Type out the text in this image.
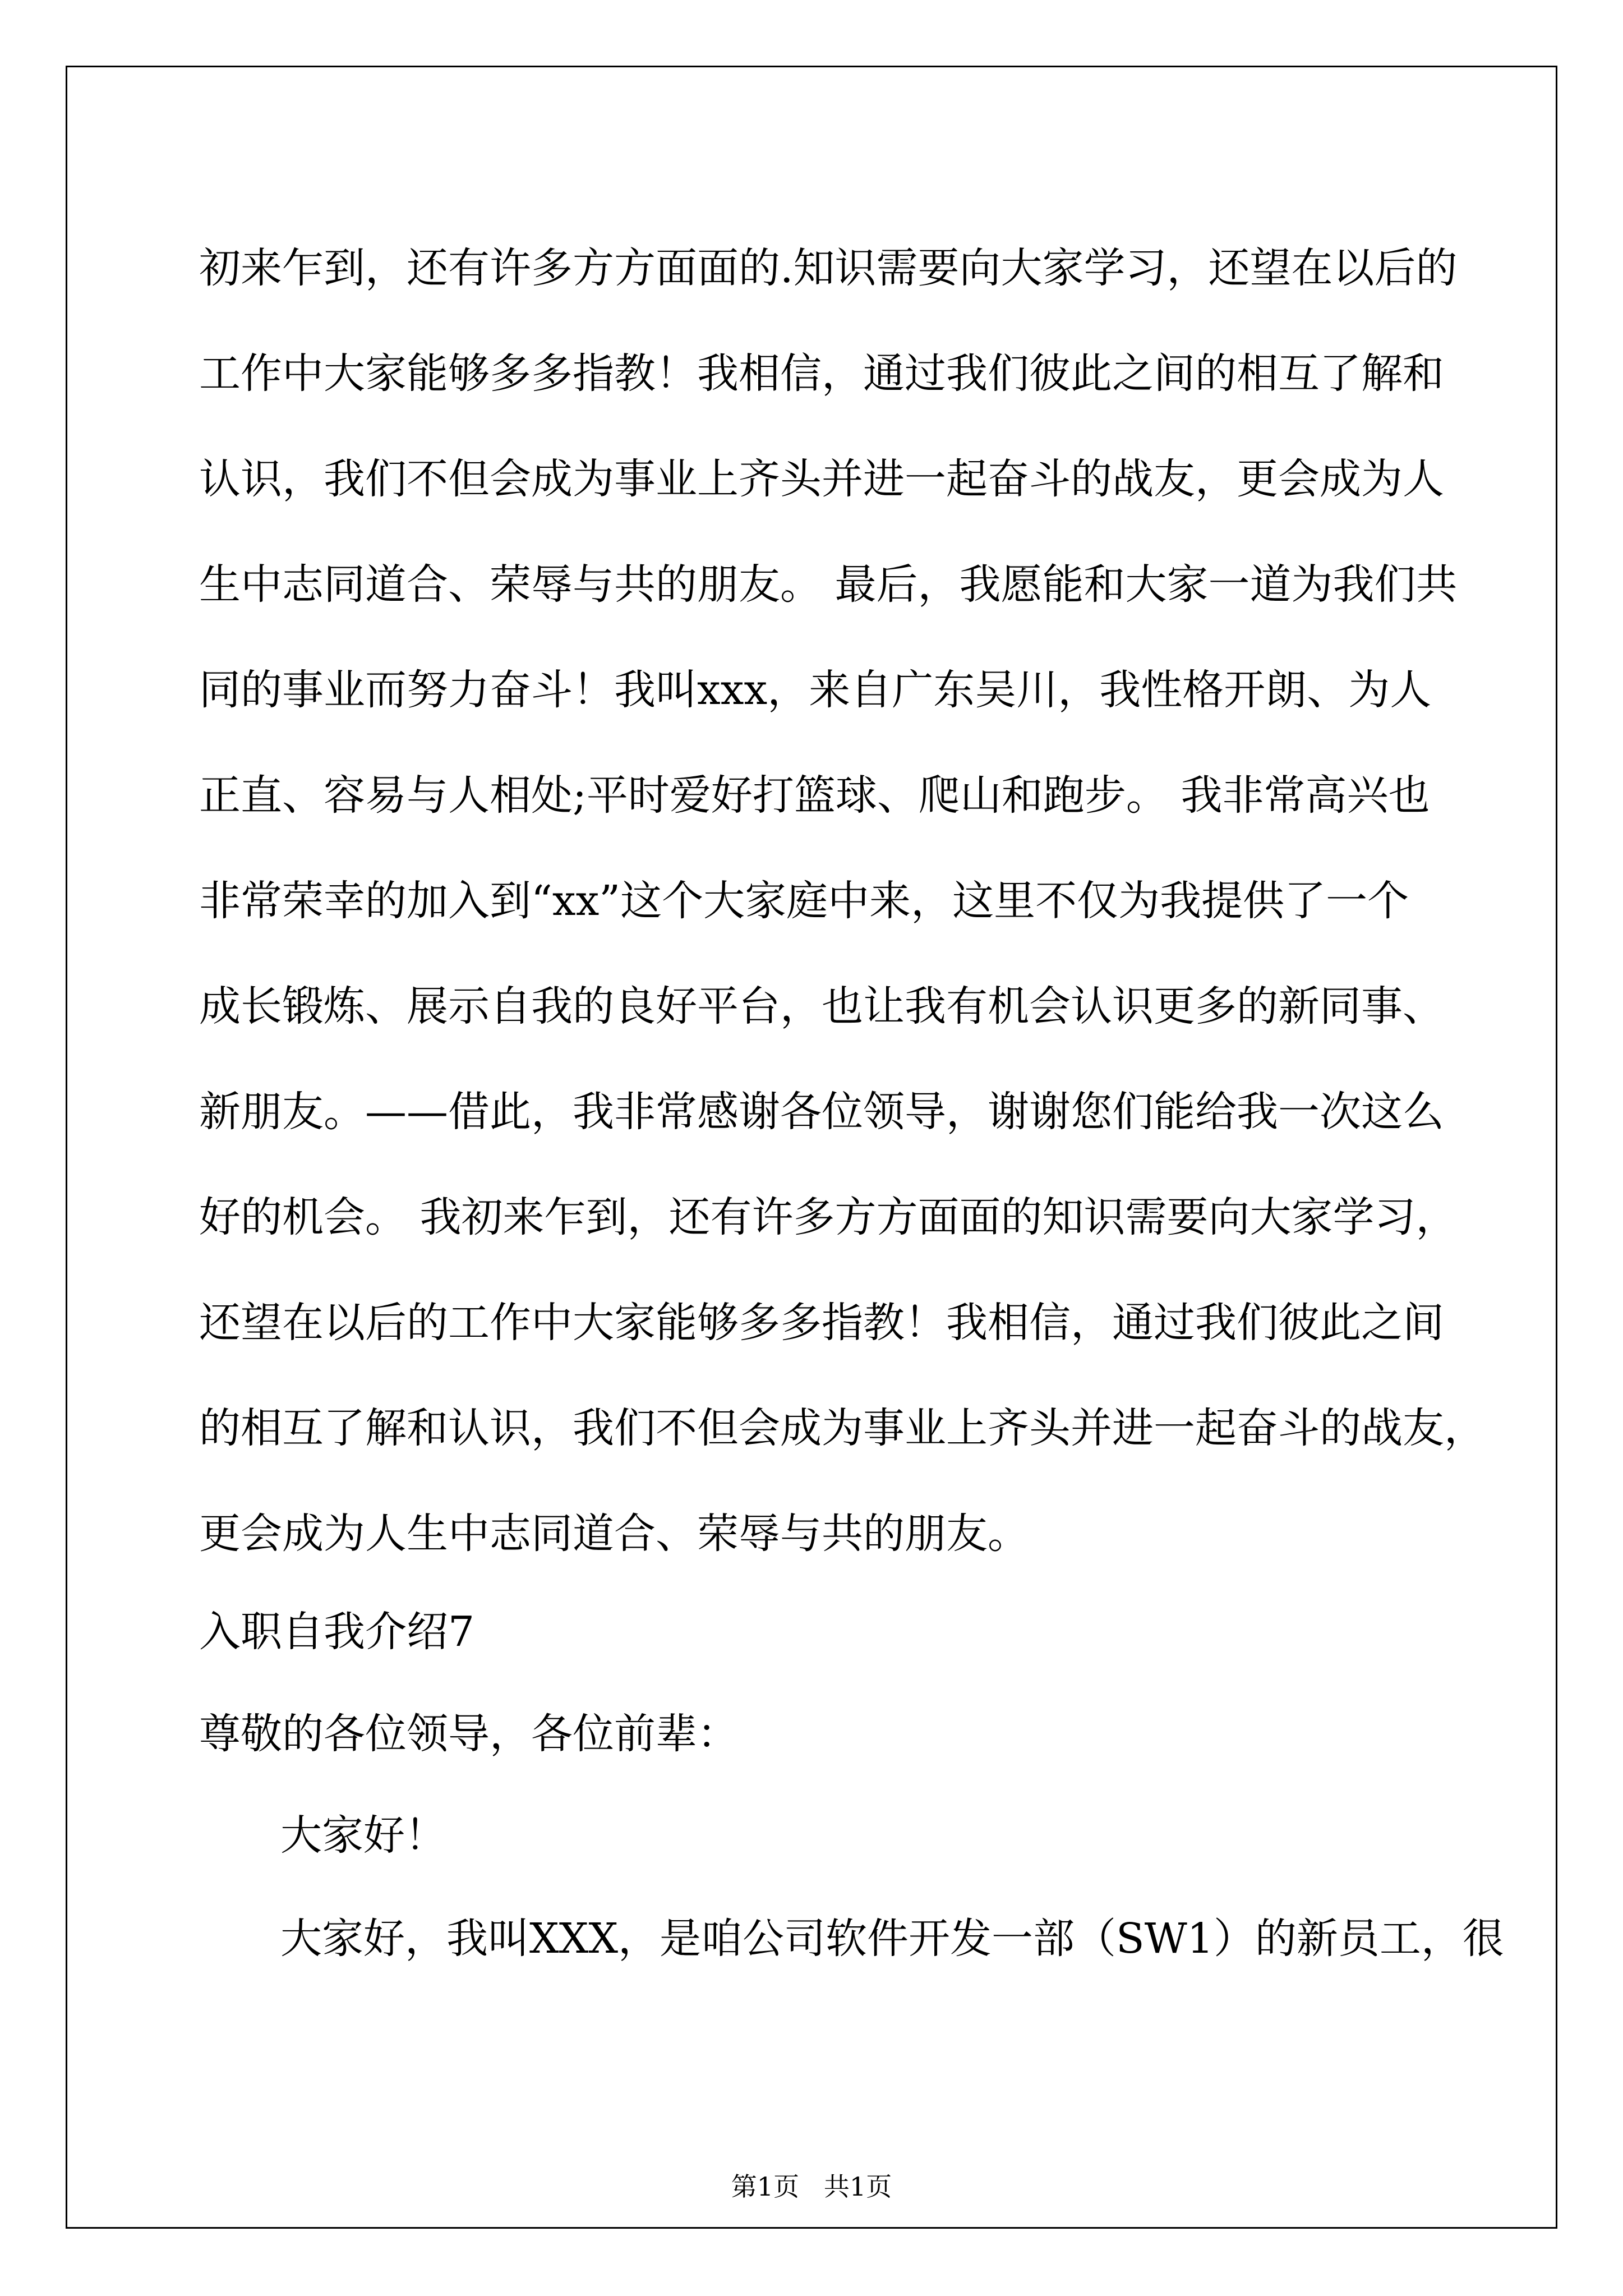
初来乍到，还有许多方方面面的.知识需要向大家学习，还望在以后的
工作中大家能够多多指教！我相信，通过我们彼此之间的相互了解和
认识，我们不但会成为事业上齐头并进一起奋斗的战友，更会成为人
生中志同道合、荣辱与共的朋友。 最后，我愿能和大家一道为我们共
同的事业而努力奋斗！我叫xxx，来自广东吴川，我性格开朗、为人
正直、容易与人相处;平时爱好打篮球、爬山和跑步。 我非常高兴也
非常荣幸的加入到“xx”这个大家庭中来，这里不仅为我提供了一个
成长锻炼、展示自我的良好平台，也让我有机会认识更多的新同事、
新朋友。——借此，我非常感谢各位领导，谢谢您们能给我一次这么
好的机会。 我初来乍到，还有许多方方面面的知识需要向大家学习，
还望在以后的工作中大家能够多多指教！我相信，通过我们彼此之间
的相互了解和认识，我们不但会成为事业上齐头并进一起奋斗的战友，
更会成为人生中志同道合、荣辱与共的朋友。
入职自我介绍7
尊敬的各位领导，各位前辈：
大家好！
大家好，我叫XXX，是咱公司软件开发一部（SW1）的新员工，很
第1页   共1页
